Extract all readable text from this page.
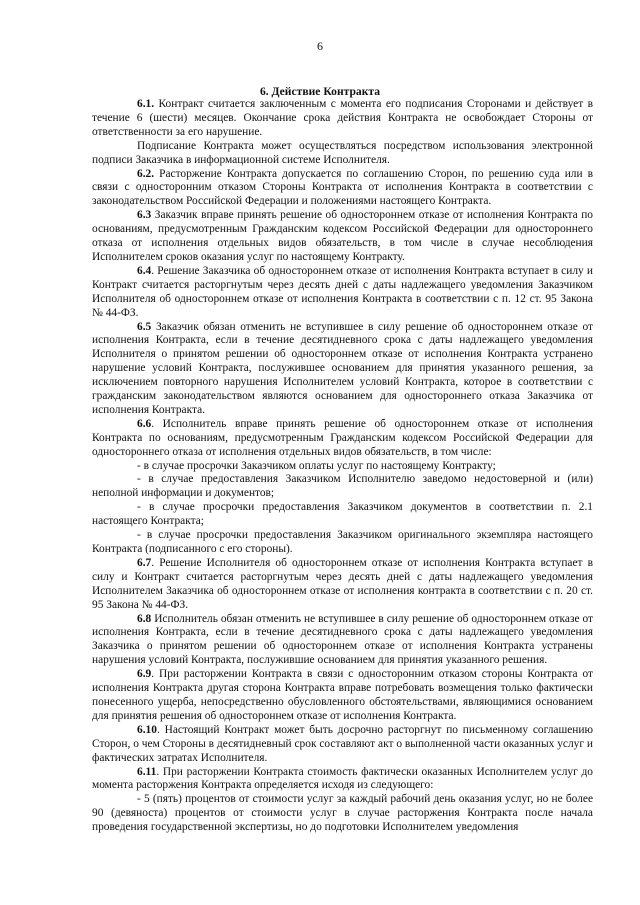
6
6. Действие Контракта

6.1. Контракт считается заключенным с момента его подписания Сторонами и действует в течение 6 (шести) месяцев. Окончание срока действия Контракта не освобождает Стороны от ответственности за его нарушение.

Подписание Контракта может осуществляться посредством использования электронной подписи Заказчика в информационной системе Исполнителя.

6.2. Расторжение Контракта допускается по соглашению Сторон, по решению суда или в связи с односторонним отказом Стороны Контракта от исполнения Контракта в соответствии с законодательством Российской Федерации и положениями настоящего Контракта.

6.3 Заказчик вправе принять решение об одностороннем отказе от исполнения Контракта по основаниям, предусмотренным Гражданским кодексом Российской Федерации для одностороннего отказа от исполнения отдельных видов обязательств, в том числе в случае несоблюдения Исполнителем сроков оказания услуг по настоящему Контракту.

6.4. Решение Заказчика об одностороннем отказе от исполнения Контракта вступает в силу и Контракт считается расторгнутым через десять дней с даты надлежащего уведомления Заказчиком Исполнителя об одностороннем отказе от исполнения Контракта в соответствии с п. 12 ст. 95 Закона № 44-ФЗ.

6.5 Заказчик обязан отменить не вступившее в силу решение об одностороннем отказе от исполнения Контракта, если в течение десятидневного срока с даты надлежащего уведомления Исполнителя о принятом решении об одностороннем отказе от исполнения Контракта устранено нарушение условий Контракта, послужившее основанием для принятия указанного решения, за исключением повторного нарушения Исполнителем условий Контракта, которое в соответствии с гражданским законодательством являются основанием для одностороннего отказа Заказчика от исполнения Контракта.

6.6. Исполнитель вправе принять решение об одностороннем отказе от исполнения Контракта по основаниям, предусмотренным Гражданским кодексом Российской Федерации для одностороннего отказа от исполнения отдельных видов обязательств, в том числе:

- в случае просрочки Заказчиком оплаты услуг по настоящему Контракту;

- в случае предоставления Заказчиком Исполнителю заведомо недостоверной и (или) неполной информации и документов;

- в случае просрочки предоставления Заказчиком документов в соответствии п. 2.1 настоящего Контракта;

- в случае просрочки предоставления Заказчиком оригинального экземпляра настоящего Контракта (подписанного с его стороны).

6.7. Решение Исполнителя об одностороннем отказе от исполнения Контракта вступает в силу и Контракт считается расторгнутым через десять дней с даты надлежащего уведомления Исполнителем Заказчика об одностороннем отказе от исполнения контракта в соответствии с п. 20 ст. 95 Закона № 44-ФЗ.

6.8 Исполнитель обязан отменить не вступившее в силу решение об одностороннем отказе от исполнения Контракта, если в течение десятидневного срока с даты надлежащего уведомления Заказчика о принятом решении об одностороннем отказе от исполнения Контракта устранены нарушения условий Контракта, послужившие основанием для принятия указанного решения.

6.9. При расторжении Контракта в связи с односторонним отказом стороны Контракта от исполнения Контракта другая сторона Контракта вправе потребовать возмещения только фактически понесенного ущерба, непосредственно обусловленного обстоятельствами, являющимися основанием для принятия решения об одностороннем отказе от исполнения Контракта.

6.10. Настоящий Контракт может быть досрочно расторгнут по письменному соглашению Сторон, о чем Стороны в десятидневный срок составляют акт о выполненной части оказанных услуг и фактических затратах Исполнителя.

6.11. При расторжении Контракта стоимость фактически оказанных Исполнителем услуг до момента расторжения Контракта определяется исходя из следующего:

- 5 (пять) процентов от стоимости услуг за каждый рабочий день оказания услуг, но не более 90 (девяноста) процентов от стоимости услуг в случае расторжения Контракта после начала проведения государственной экспертизы, но до подготовки Исполнителем уведомления
